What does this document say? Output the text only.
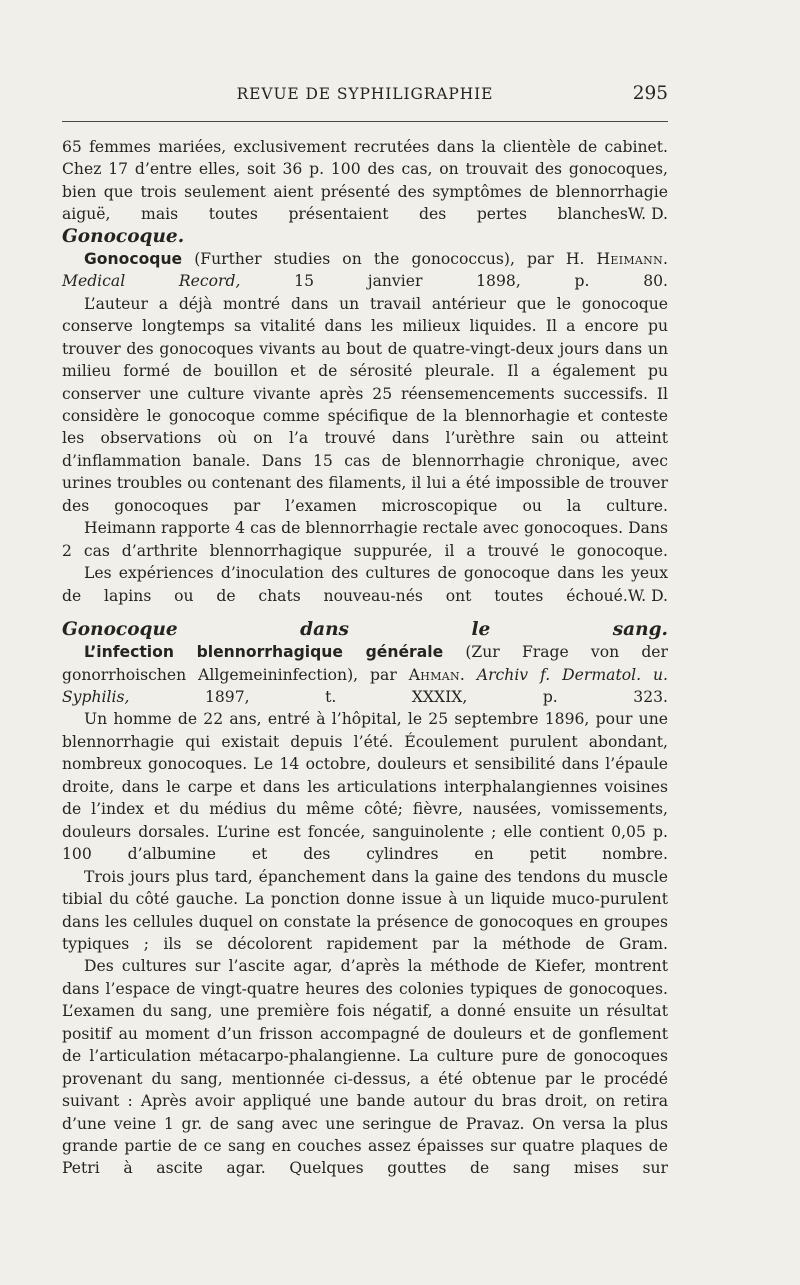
REVUE DE SYPHILIGRAPHIE	295

65 femmes mariées, exclusivement recrutées dans la clientèle de cabinet. Chez 17 d’entre elles, soit 36 p. 100 des cas, on trouvait des gonocoques, bien que trois seulement aient présenté des symptômes de blennorrhagie aiguë, mais toutes présentaient des pertes blanches W. D.

Gonocoque.

Gonocoque (Further studies on the gonococcus), par H. Heimann. Medical Record, 15 janvier 1898, p. 80.

L’auteur a déjà montré dans un travail antérieur que le gonocoque conserve longtemps sa vitalité dans les milieux liquides. Il a encore pu trouver des gonocoques vivants au bout de quatre-vingt-deux jours dans un milieu formé de bouillon et de sérosité pleurale. Il a également pu conserver une culture vivante après 25 réensemencements successifs. Il considère le gonocoque comme spécifique de la blennorhagie et conteste les observations où on l’a trouvé dans l’urèthre sain ou atteint d’inflammation banale. Dans 15 cas de blennorrhagie chronique, avec urines troubles ou contenant des filaments, il lui a été impossible de trouver des gonocoques par l’examen microscopique ou la culture.

Heimann rapporte 4 cas de blennorrhagie rectale avec gonocoques. Dans 2 cas d’arthrite blennorrhagique suppurée, il a trouvé le gonocoque.

Les expériences d’inoculation des cultures de gonocoque dans les yeux de lapins ou de chats nouveau-nés ont toutes échoué. W. D.

Gonocoque dans le sang.

L’infection blennorrhagique générale (Zur Frage von der gonorrhoischen Allgemeininfection), par Ahman. Archiv f. Dermatol. u. Syphilis, 1897, t. XXXIX, p. 323.

Un homme de 22 ans, entré à l’hôpital, le 25 septembre 1896, pour une blennorrhagie qui existait depuis l’été. Écoulement purulent abondant, nombreux gonocoques. Le 14 octobre, douleurs et sensibilité dans l’épaule droite, dans le carpe et dans les articulations interphalangiennes voisines de l’index et du médius du même côté; fièvre, nausées, vomissements, douleurs dorsales. L’urine est foncée, sanguinolente ; elle contient 0,05 p. 100 d’albumine et des cylindres en petit nombre.

Trois jours plus tard, épanchement dans la gaine des tendons du muscle tibial du côté gauche. La ponction donne issue à un liquide muco-purulent dans les cellules duquel on constate la présence de gonocoques en groupes typiques ; ils se décolorent rapidement par la méthode de Gram.

Des cultures sur l’ascite agar, d’après la méthode de Kiefer, montrent dans l’espace de vingt-quatre heures des colonies typiques de gonocoques. L’examen du sang, une première fois négatif, a donné ensuite un résultat positif au moment d’un frisson accompagné de douleurs et de gonflement de l’articulation métacarpo-phalangienne. La culture pure de gonocoques provenant du sang, mentionnée ci-dessus, a été obtenue par le procédé suivant : Après avoir appliqué une bande autour du bras droit, on retira d’une veine 1 gr. de sang avec une seringue de Pravaz. On versa la plus grande partie de ce sang en couches assez épaisses sur quatre plaques de Petri à ascite agar. Quelques gouttes de sang mises sur
